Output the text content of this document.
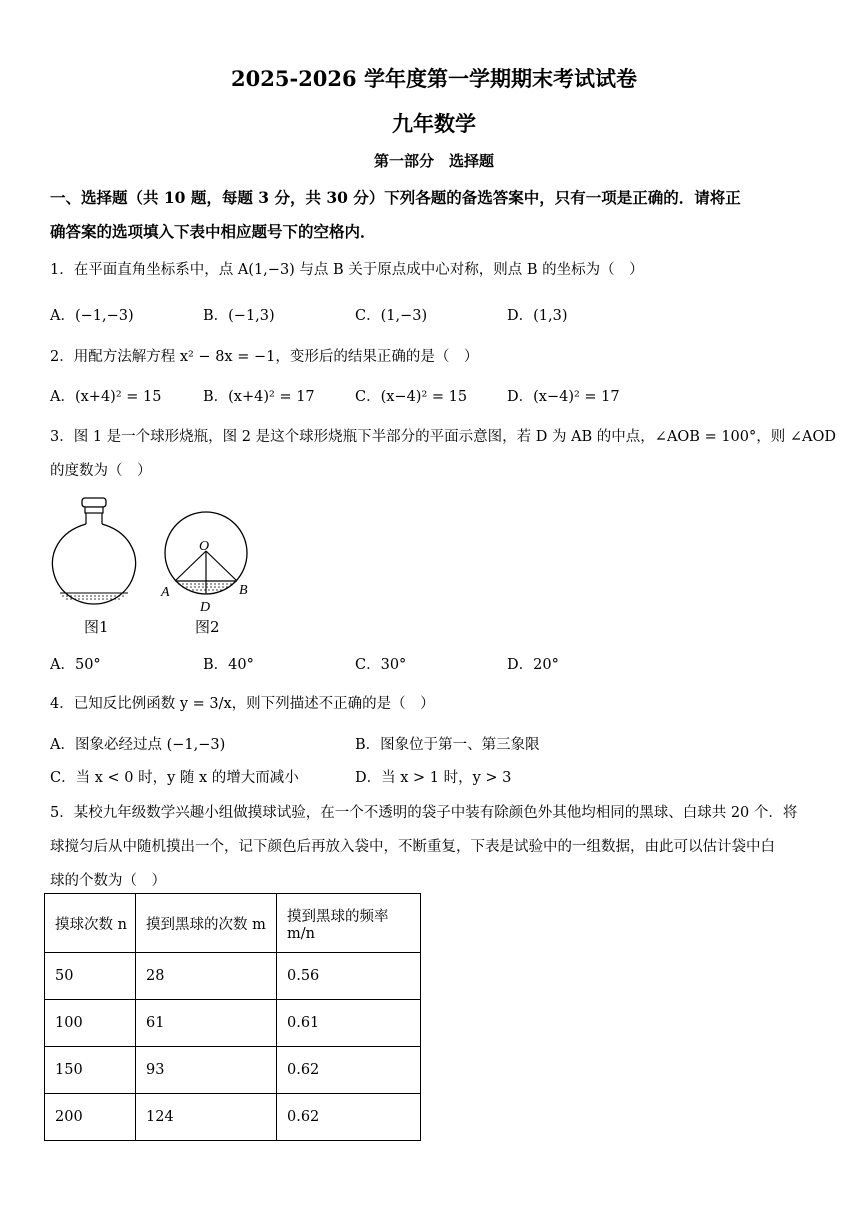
2025-2026 学年度第一学期期末考试试卷
九年数学
第一部分　选择题
一、选择题（共 10 题，每题 3 分，共 30 分）下列各题的备选答案中，只有一项是正确的．请将正
确答案的选项填入下表中相应题号下的空格内．
1．在平面直角坐标系中，点 A(1,−3) 与点 B 关于原点成中心对称，则点 B 的坐标为（　）
A．(−1,−3)	B．(−1,3)	C．(1,−3)	D．(1,3)
2．用配方法解方程 x² − 8x = −1，变形后的结果正确的是（　）
A．(x+4)² = 15	B．(x+4)² = 17	C．(x−4)² = 15	D．(x−4)² = 17
3．图 1 是一个球形烧瓶，图 2 是这个球形烧瓶下半部分的平面示意图，若 D 为 AB 的中点，∠AOB = 100°，则 ∠AOD
的度数为（　）
图1
O
A	B
D
图2
A．50°	B．40°	C．30°	D．20°
4．已知反比例函数 y = 3/x，则下列描述不正确的是（　）
A．图象必经过点 (−1,−3)	B．图象位于第一、第三象限
C．当 x < 0 时，y 随 x 的增大而减小	D．当 x > 1 时，y > 3
5．某校九年级数学兴趣小组做摸球试验，在一个不透明的袋子中装有除颜色外其他均相同的黑球、白球共 20 个．将
球搅匀后从中随机摸出一个，记下颜色后再放入袋中，不断重复，下表是试验中的一组数据，由此可以估计袋中白
球的个数为（　）
摸球次数 n	摸到黑球的次数 m	摸到黑球的频率 m/n
50	28	0.56
100	61	0.61
150	93	0.62
200	124	0.62
